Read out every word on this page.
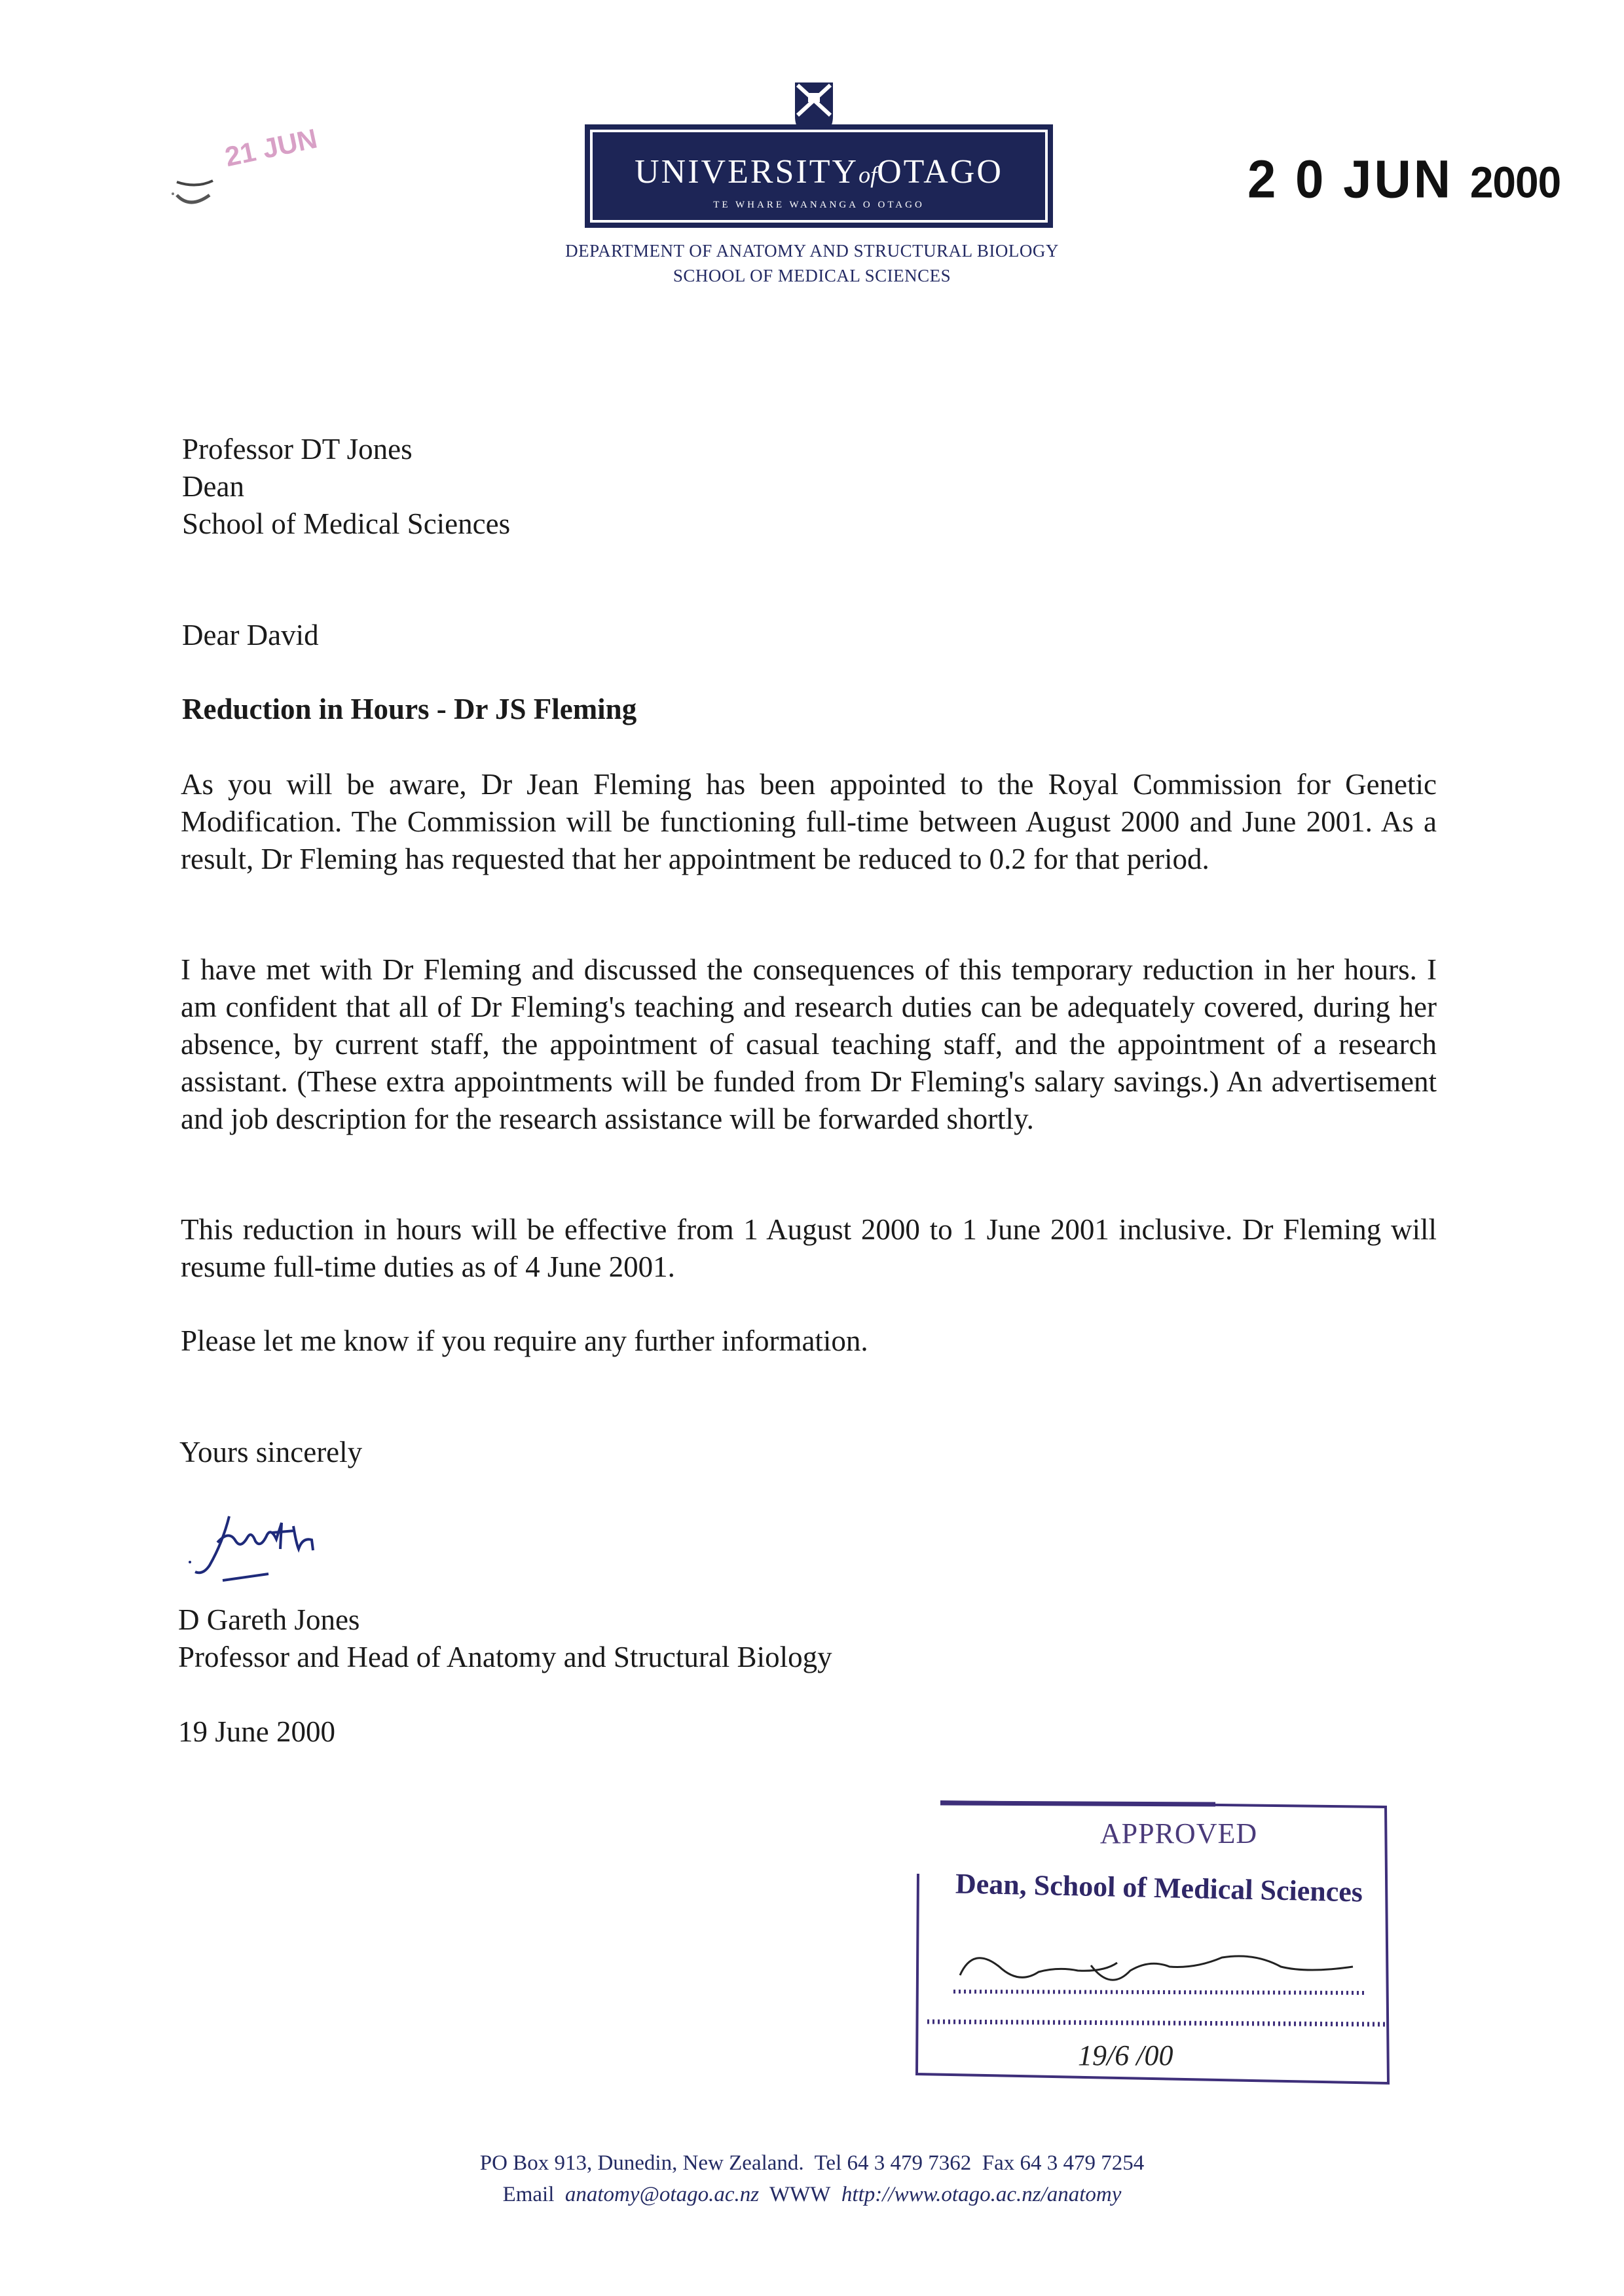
21 JUN	UNIVERSITYofOTAGO
TE WHARE WANANGA O OTAGO
DEPARTMENT OF ANATOMY AND STRUCTURAL BIOLOGY
SCHOOL OF MEDICAL SCIENCES
2 0 JUN 2000
Professor DT Jones
Dean
School of Medical Sciences
Dear David
Reduction in Hours - Dr JS Fleming
As you will be aware, Dr Jean Fleming has been appointed to the Royal Commission for Genetic Modification. The Commission will be functioning full-time between August 2000 and June 2001. As a result, Dr Fleming has requested that her appointment be reduced to 0.2 for that period.
I have met with Dr Fleming and discussed the consequences of this temporary reduction in her hours. I am confident that all of Dr Fleming's teaching and research duties can be adequately covered, during her absence, by current staff, the appointment of casual teaching staff, and the appointment of a research assistant. (These extra appointments will be funded from Dr Fleming's salary savings.) An advertisement and job description for the research assistance will be forwarded shortly.
This reduction in hours will be effective from 1 August 2000 to 1 June 2001 inclusive. Dr Fleming will resume full-time duties as of 4 June 2001.
Please let me know if you require any further information.
Yours sincerely
D Gareth Jones
Professor and Head of Anatomy and Structural Biology
19 June 2000
19/6 /00
APPROVED
Dean, School of Medical Sciences
PO Box 913, Dunedin, New Zealand. Tel 64 3 479 7362 Fax 64 3 479 7254
Email anatomy@otago.ac.nz WWW http://www.otago.ac.nz/anatomy
